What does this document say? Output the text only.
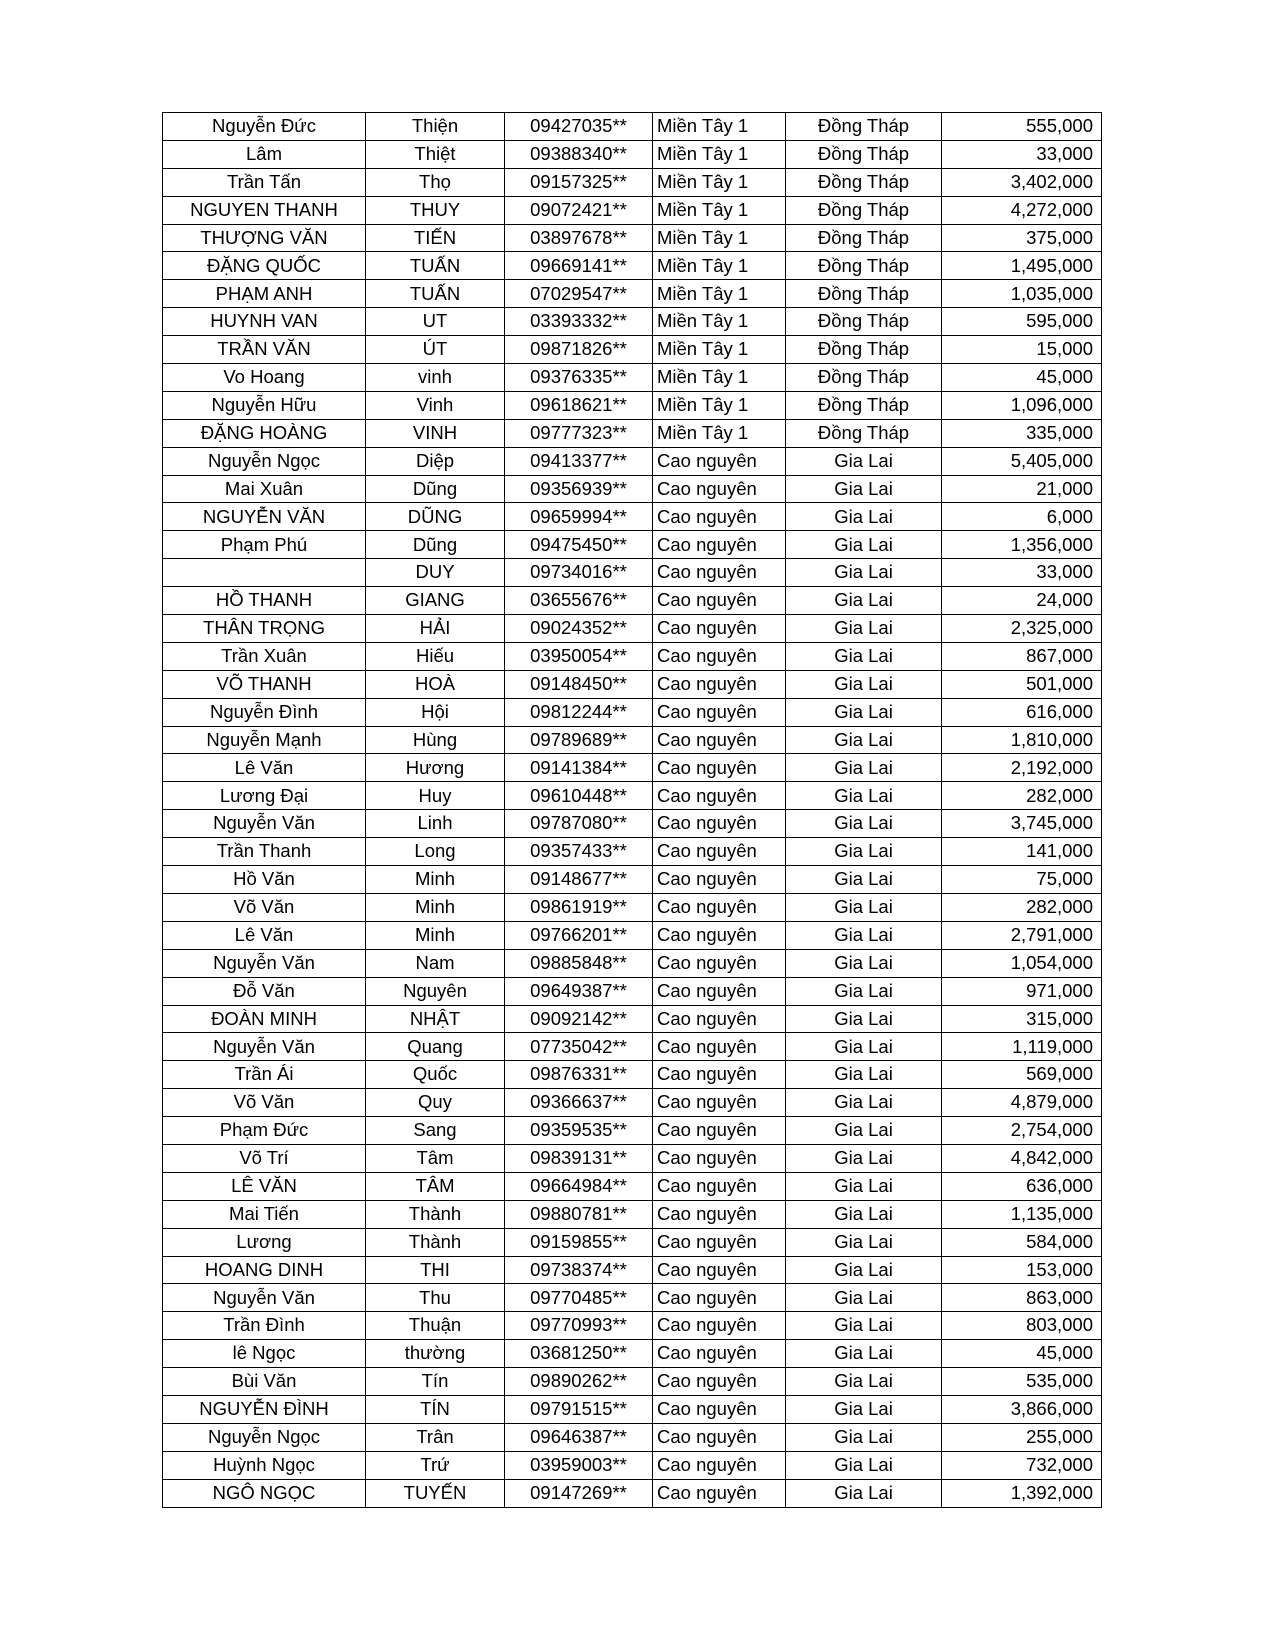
Nguyễn Đức	Thiện	09427035**	Miền Tây 1	Đồng Tháp	555,000
Lâm	Thiệt	09388340**	Miền Tây 1	Đồng Tháp	33,000
Trần Tấn	Thọ	09157325**	Miền Tây 1	Đồng Tháp	3,402,000
NGUYEN THANH	THUY	09072421**	Miền Tây 1	Đồng Tháp	4,272,000
THƯỢNG VĂN	TIẾN	03897678**	Miền Tây 1	Đồng Tháp	375,000
ĐẶNG QUỐC	TUẤN	09669141**	Miền Tây 1	Đồng Tháp	1,495,000
PHẠM ANH	TUẤN	07029547**	Miền Tây 1	Đồng Tháp	1,035,000
HUYNH VAN	UT	03393332**	Miền Tây 1	Đồng Tháp	595,000
TRẦN VĂN	ÚT	09871826**	Miền Tây 1	Đồng Tháp	15,000
Vo Hoang	vinh	09376335**	Miền Tây 1	Đồng Tháp	45,000
Nguyễn Hữu	Vinh	09618621**	Miền Tây 1	Đồng Tháp	1,096,000
ĐẶNG HOÀNG	VINH	09777323**	Miền Tây 1	Đồng Tháp	335,000
Nguyễn Ngọc	Diệp	09413377**	Cao nguyên	Gia Lai	5,405,000
Mai Xuân	Dũng	09356939**	Cao nguyên	Gia Lai	21,000
NGUYỄN VĂN	DŨNG	09659994**	Cao nguyên	Gia Lai	6,000
Phạm Phú	Dũng	09475450**	Cao nguyên	Gia Lai	1,356,000
	DUY	09734016**	Cao nguyên	Gia Lai	33,000
HỒ THANH	GIANG	03655676**	Cao nguyên	Gia Lai	24,000
THÂN TRỌNG	HẢI	09024352**	Cao nguyên	Gia Lai	2,325,000
Trần Xuân	Hiếu	03950054**	Cao nguyên	Gia Lai	867,000
VÕ THANH	HOÀ	09148450**	Cao nguyên	Gia Lai	501,000
Nguyễn Đình	Hội	09812244**	Cao nguyên	Gia Lai	616,000
Nguyễn Mạnh	Hùng	09789689**	Cao nguyên	Gia Lai	1,810,000
Lê Văn	Hương	09141384**	Cao nguyên	Gia Lai	2,192,000
Lương Đại	Huy	09610448**	Cao nguyên	Gia Lai	282,000
Nguyễn Văn	Linh	09787080**	Cao nguyên	Gia Lai	3,745,000
Trần Thanh	Long	09357433**	Cao nguyên	Gia Lai	141,000
Hồ Văn	Minh	09148677**	Cao nguyên	Gia Lai	75,000
Võ Văn	Minh	09861919**	Cao nguyên	Gia Lai	282,000
Lê Văn	Minh	09766201**	Cao nguyên	Gia Lai	2,791,000
Nguyễn Văn	Nam	09885848**	Cao nguyên	Gia Lai	1,054,000
Đỗ Văn	Nguyên	09649387**	Cao nguyên	Gia Lai	971,000
ĐOÀN MINH	NHẬT	09092142**	Cao nguyên	Gia Lai	315,000
Nguyễn Văn	Quang	07735042**	Cao nguyên	Gia Lai	1,119,000
Trần Ái	Quốc	09876331**	Cao nguyên	Gia Lai	569,000
Võ Văn	Quy	09366637**	Cao nguyên	Gia Lai	4,879,000
Phạm Đức	Sang	09359535**	Cao nguyên	Gia Lai	2,754,000
Võ Trí	Tâm	09839131**	Cao nguyên	Gia Lai	4,842,000
LÊ VĂN	TÂM	09664984**	Cao nguyên	Gia Lai	636,000
Mai Tiến	Thành	09880781**	Cao nguyên	Gia Lai	1,135,000
Lương	Thành	09159855**	Cao nguyên	Gia Lai	584,000
HOANG DINH	THI	09738374**	Cao nguyên	Gia Lai	153,000
Nguyễn Văn	Thu	09770485**	Cao nguyên	Gia Lai	863,000
Trần Đình	Thuận	09770993**	Cao nguyên	Gia Lai	803,000
lê Ngọc	thường	03681250**	Cao nguyên	Gia Lai	45,000
Bùi Văn	Tín	09890262**	Cao nguyên	Gia Lai	535,000
NGUYỄN ĐÌNH	TÍN	09791515**	Cao nguyên	Gia Lai	3,866,000
Nguyễn Ngọc	Trân	09646387**	Cao nguyên	Gia Lai	255,000
Huỳnh Ngọc	Trứ	03959003**	Cao nguyên	Gia Lai	732,000
NGÔ NGỌC	TUYẾN	09147269**	Cao nguyên	Gia Lai	1,392,000
